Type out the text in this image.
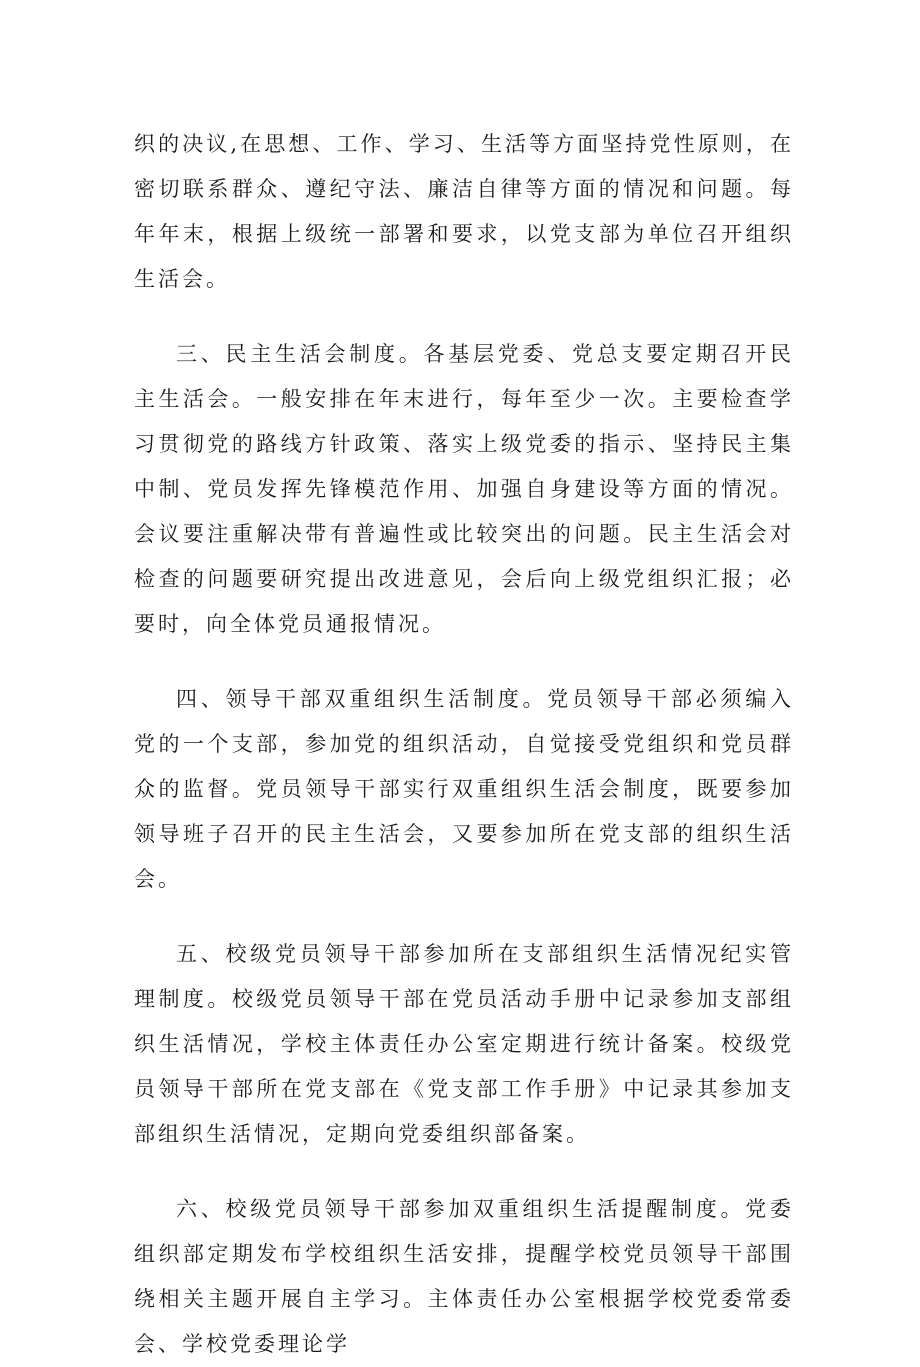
织的决议,在思想、工作、学习、生活等方面坚持党性原则，在密切联系群众、遵纪守法、廉洁自律等方面的情况和问题。每年年末，根据上级统一部署和要求，以党支部为单位召开组织生活会。

三、民主生活会制度。各基层党委、党总支要定期召开民主生活会。一般安排在年末进行，每年至少一次。主要检查学习贯彻党的路线方针政策、落实上级党委的指示、坚持民主集中制、党员发挥先锋模范作用、加强自身建设等方面的情况。会议要注重解决带有普遍性或比较突出的问题。民主生活会对检查的问题要研究提出改进意见，会后向上级党组织汇报；必要时，向全体党员通报情况。

四、领导干部双重组织生活制度。党员领导干部必须编入党的一个支部，参加党的组织活动，自觉接受党组织和党员群众的监督。党员领导干部实行双重组织生活会制度，既要参加领导班子召开的民主生活会，又要参加所在党支部的组织生活会。

五、校级党员领导干部参加所在支部组织生活情况纪实管理制度。校级党员领导干部在党员活动手册中记录参加支部组织生活情况，学校主体责任办公室定期进行统计备案。校级党员领导干部所在党支部在《党支部工作手册》中记录其参加支部组织生活情况，定期向党委组织部备案。

六、校级党员领导干部参加双重组织生活提醒制度。党委组织部定期发布学校组织生活安排，提醒学校党员领导干部围绕相关主题开展自主学习。主体责任办公室根据学校党委常委会、学校党委理论学
